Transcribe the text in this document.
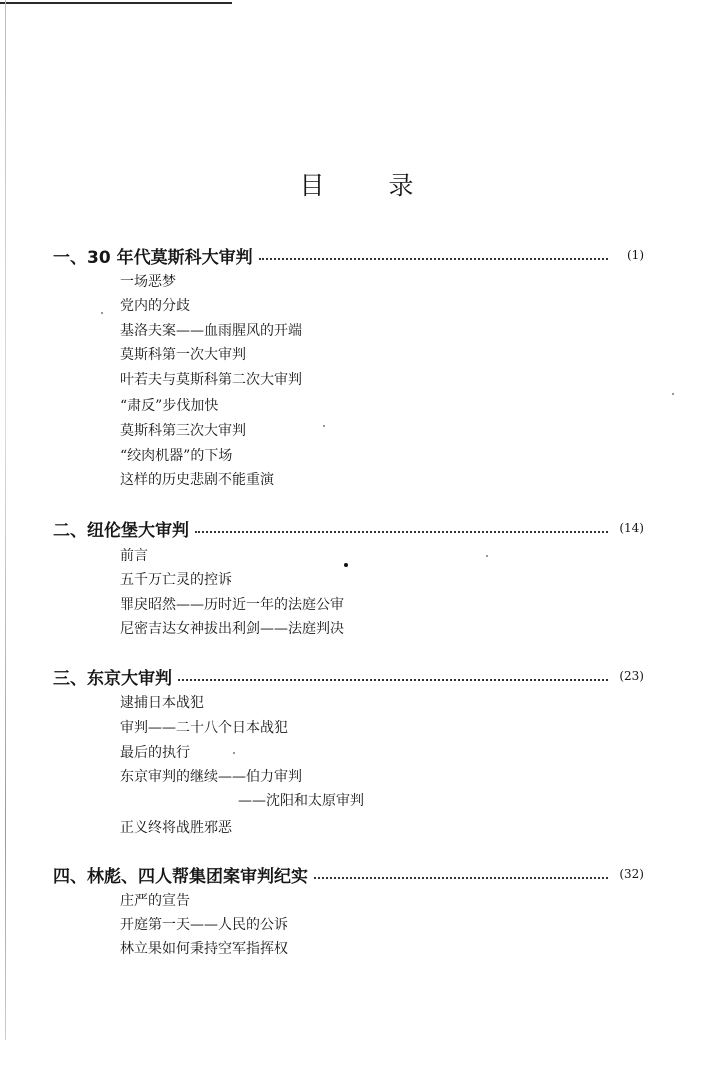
目 录
一、30 年代莫斯科大审判	(1)
一场恶梦
党内的分歧
基洛夫案——血雨腥风的开端
莫斯科第一次大审判
叶若夫与莫斯科第二次大审判
“肃反”步伐加快
莫斯科第三次大审判
“绞肉机器”的下场
这样的历史悲剧不能重演
二、纽伦堡大审判	(14)
前言
五千万亡灵的控诉
罪戾昭然——历时近一年的法庭公审
尼密吉达女神拔出利剑——法庭判决
三、东京大审判	(23)
逮捕日本战犯
审判——二十八个日本战犯
最后的执行
东京审判的继续——伯力审判
——沈阳和太原审判
正义终将战胜邪恶
四、林彪、四人帮集团案审判纪实	(32)
庄严的宣告
开庭第一天——人民的公诉
林立果如何秉持空军指挥权
